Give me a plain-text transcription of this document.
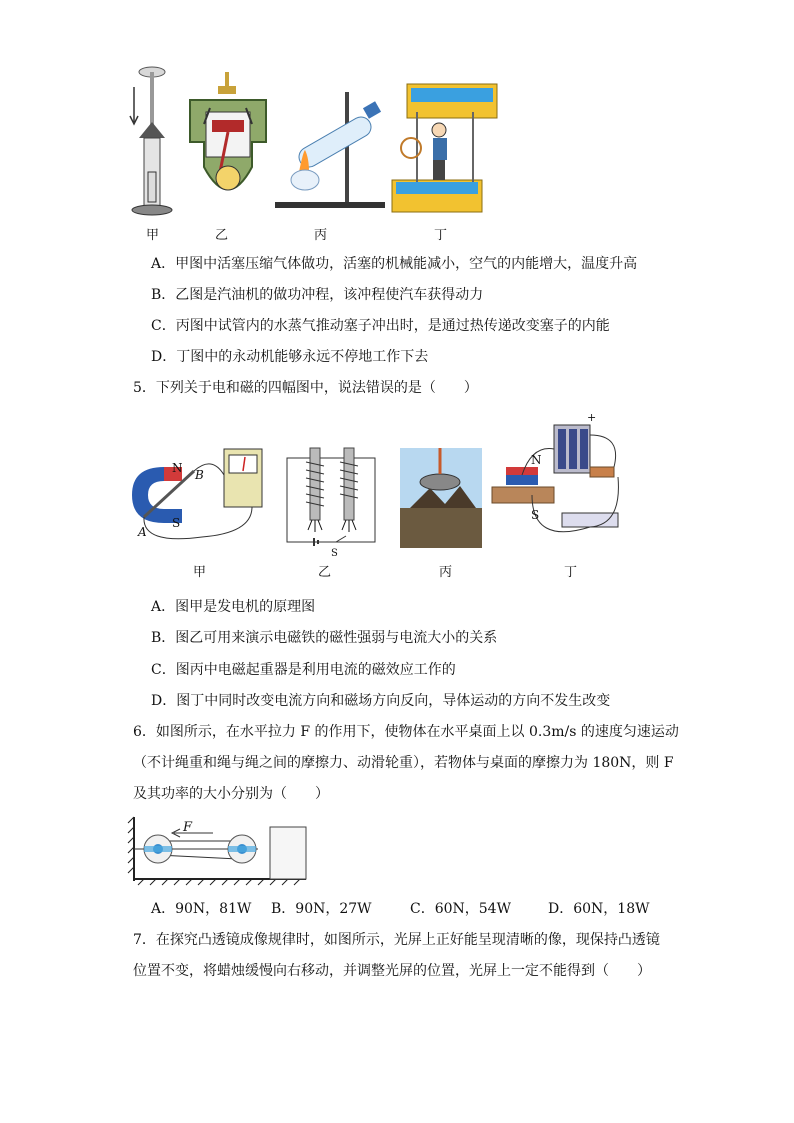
甲	乙	丙	丁
A．甲图中活塞压缩气体做功，活塞的机械能减小，空气的内能增大，温度升高
B．乙图是汽油机的做功冲程，该冲程使汽车获得动力
C．丙图中试管内的水蒸气推动塞子冲出时，是通过热传递改变塞子的内能
D．丁图中的永动机能够永远不停地工作下去
5．下列关于电和磁的四幅图中，说法错误的是（　　）
N
S
B
A
S
N
S
+
甲	乙	丙	丁
A．图甲是发电机的原理图
B．图乙可用来演示电磁铁的磁性强弱与电流大小的关系
C．图丙中电磁起重器是利用电流的磁效应工作的
D．图丁中同时改变电流方向和磁场方向反向，导体运动的方向不发生改变
6．如图所示，在水平拉力 F 的作用下，使物体在水平桌面上以 0.3m/s 的速度匀速运动
（不计绳重和绳与绳之间的摩擦力、动滑轮重），若物体与桌面的摩擦力为 180N，则 F
及其功率的大小分别为（　　）
F
A．90N，81W B．90N，27W	C．60N，54W	D．60N，18W
7．在探究凸透镜成像规律时，如图所示，光屏上正好能呈现清晰的像，现保持凸透镜
位置不变，将蜡烛缓慢向右移动，并调整光屏的位置，光屏上一定不能得到（　　）
